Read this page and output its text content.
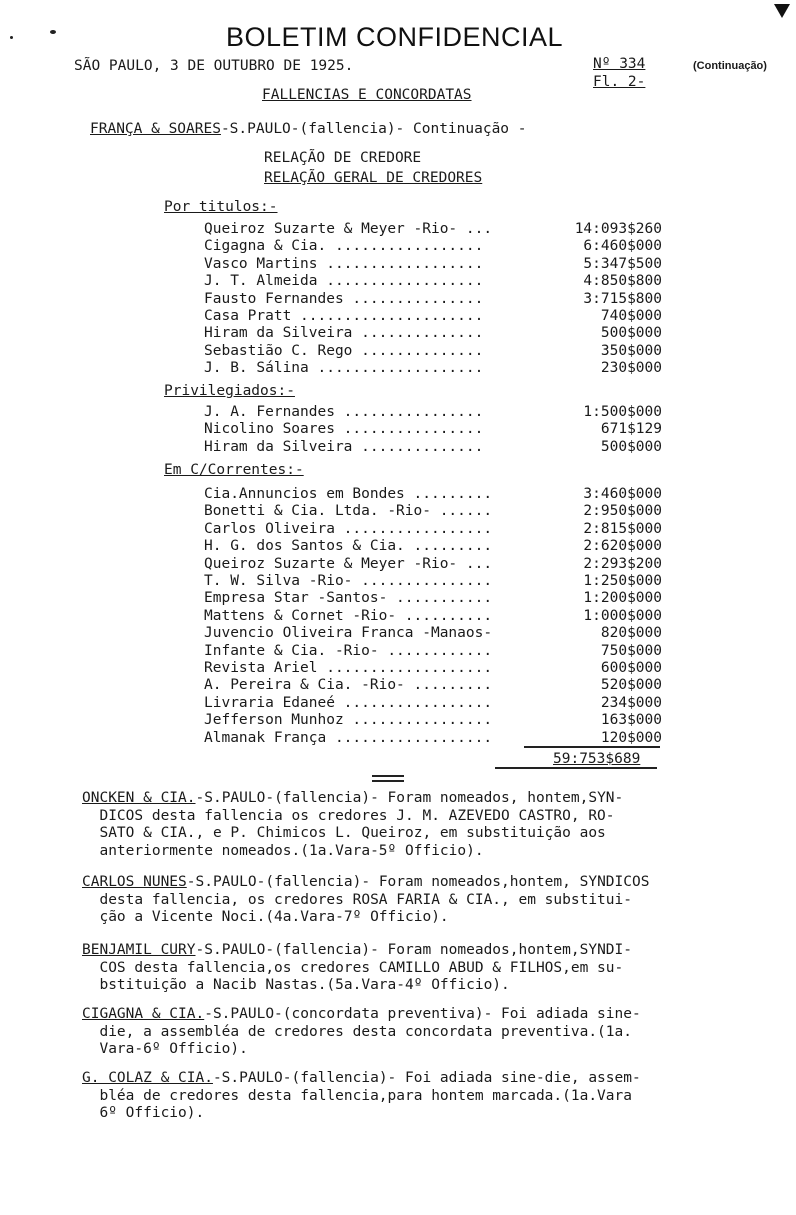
BOLETIM CONFIDENCIAL
SÃO PAULO, 3 DE OUTUBRO DE 1925.	Nº 334
Fl. 2-
(Continuação)
FALLENCIAS E CONCORDATAS
FRANÇA & SOARES-S.PAULO-(fallencia)- Continuação -
RELAÇÃO DE CREDORE
RELAÇÃO GERAL DE CREDORES
Por titulos:-
Queiroz Suzarte & Meyer -Rio- ...	14:093$260
Cigagna & Cia. .................	6:460$000
Vasco Martins ..................	5:347$500
J. T. Almeida ..................	4:850$800
Fausto Fernandes ...............	3:715$800
Casa Pratt .....................	740$000
Hiram da Silveira ..............	500$000
Sebastião C. Rego ..............	350$000
J. B. Sálina ...................	230$000
Privilegiados:-
J. A. Fernandes ................	1:500$000
Nicolino Soares ................	671$129
Hiram da Silveira ..............	500$000
Em C/Correntes:-
Cia.Annuncios em Bondes .........	3:460$000
Bonetti & Cia. Ltda. -Rio- ......	2:950$000
Carlos Oliveira .................	2:815$000
H. G. dos Santos & Cia. .........	2:620$000
Queiroz Suzarte & Meyer -Rio- ...	2:293$200
T. W. Silva -Rio- ...............	1:250$000
Empresa Star -Santos- ...........	1:200$000
Mattens & Cornet -Rio- ..........	1:000$000
Juvencio Oliveira Franca -Manaos-	820$000
Infante & Cia. -Rio- ............	750$000
Revista Ariel ...................	600$000
A. Pereira & Cia. -Rio- .........	520$000
Livraria Edaneé .................	234$000
Jefferson Munhoz ................	163$000
Almanak França ..................	120$000
59:753$689
ONCKEN & CIA.-S.PAULO-(fallencia)- Foram nomeados, hontem,SYN-
DICOS desta fallencia os credores J. M. AZEVEDO CASTRO, RO-
SATO & CIA., e P. Chimicos L. Queiroz, em substituição aos
anteriormente nomeados.(1a.Vara-5º Officio).
CARLOS NUNES-S.PAULO-(fallencia)- Foram nomeados,hontem, SYNDICOS
desta fallencia, os credores ROSA FARIA & CIA., em substitui-
ção a Vicente Noci.(4a.Vara-7º Officio).
BENJAMIL CURY-S.PAULO-(fallencia)- Foram nomeados,hontem,SYNDI-
COS desta fallencia,os credores CAMILLO ABUD & FILHOS,em su-
bstituição a Nacib Nastas.(5a.Vara-4º Officio).
CIGAGNA & CIA.-S.PAULO-(concordata preventiva)- Foi adiada sine-
die, a assembléa de credores desta concordata preventiva.(1a.
Vara-6º Officio).
G. COLAZ & CIA.-S.PAULO-(fallencia)- Foi adiada sine-die, assem-
bléa de credores desta fallencia,para hontem marcada.(1a.Vara
6º Officio).
